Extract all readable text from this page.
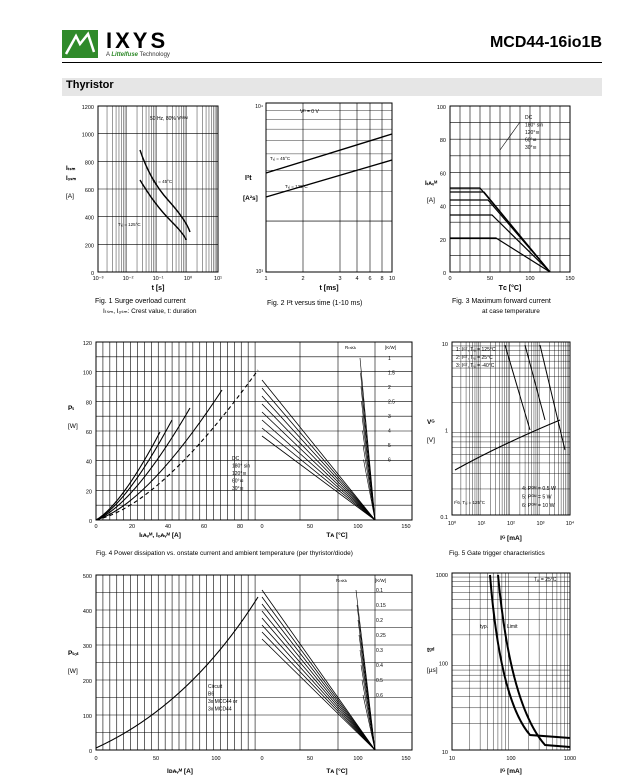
IXYS
A Littelfuse Technology
MCD44-16io1B
Thyristor
1200
1000
800
600
400
200
0
10⁻³	10⁻²	10⁻¹	10⁰	10¹
Iₜₛₘ
Iₒₛₘ
[A]
t [s]
50 Hz, 80% Vᴿᴿᴹ
Tᵥⱼ = 45°C
Tᵥⱼ = 125°C
Fig. 1 Surge overload current
Iₜₛₘ, Iₒₛₘ: Crest value, t: duration
10⁴
10³
1	2	3	4 6 8 10
I²t
[A²s]
t [ms]
Vᴿ = 0 V
Tᵥⱼ = 45°C
Tᵥⱼ = 125°C
Fig. 2 I²t versus time (1-10 ms)
100
80
60
40
20
0
0	50	100	150
Iₜᴀᵥᴹ
[A]
Tᴄ [°C]
DC
180° sin
120°≌
60°≌
30°≌
Fig. 3 Maximum forward current
at case temperature
120
100
80
60
40
20
0
0	20	40	60	80	0	50	100	150
Pₜ
[W]
Iₜᴀᵥᴹ, Iₒᴀᵥᴹ [A]	Tᴀ [°C]
1
1.5
2
2.5
3
4
5
6
Rₜₕᴋᴀ	[K/W]
DC
180° sin
120°≌
60°≌
30°≌
Fig. 4 Power dissipation vs. onstate current and ambient temperature (per thyristor/diode)
10
1
0.1
10⁰	10¹	10²	10³	10⁴
Vᴳ
[V]
Iᴳ [mA]
1: Iᴳᵀ, Tᵥⱼ = 125°C
2: Iᴳᵀ, Tᵥⱼ = 25°C
3: Iᴳᵀ, Tᵥⱼ = -40°C
4: Pᴳᴹ = 0.5 W
5: Pᴳᴹ = 5 W
6: Pᴳᴹ = 10 W
Iᴳᴅ, Tᵥⱼ = 125°C
Fig. 5 Gate trigger characteristics
500
400
300
200
100
0
0	50	100	0	50	100	150
Pₜₒₜ
[W]
Iᴅᴀᵥᴹ [A]	Tᴀ [°C]
0.1
0.15
0.2
0.25
0.3
0.4
0.5
0.6
Rₜₕᴋᴀ	[K/W]
Circuit
B6
3x MCC44 or
3x MCD44
1000
100
10
10	100	1000
tᵍᵈ
[µs]
Iᴳ [mA]
Tᵥⱼ = 25°C
typ.	Limit
